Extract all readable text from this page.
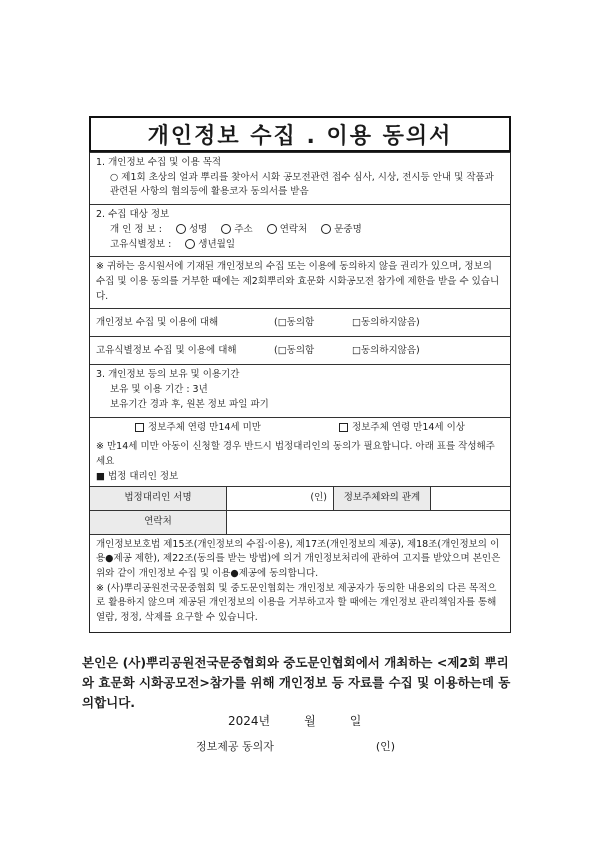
개인정보 수집 . 이용 동의서
1. 개인정보 수집 및 이용 목적
○ 제1회 초상의 얼과 뿌리를 찾아서 시화 공모전관련 접수 심사, 시상, 전시등 안내 및 작품과 관련된 사항의 협의등에 활용코자 동의서를 받음
2. 수집 대상 정보
개 인 정 보 :	성명	주소	연락처	문중명
고유식별정보 :	생년월일
※ 귀하는 응시원서에 기재된 개인정보의 수집 또는 이용에 동의하지 않을 권리가 있으며, 정보의 수집 및 이용 동의를 거부한 때에는 제2회뿌리와 효문화 시화공모전 참가에 제한을 받을 수 있습니다.
개인정보 수집 및 이용에 대해	(□동의함	□동의하지않음)
고유식별정보 수집 및 이용에 대해	(□동의함	□동의하지않음)
3. 개인정보 등의 보유 및 이용기간
보유 및 이용 기간 : 3년
보유기간 경과 후, 원본 정보 파일 파기
정보주체 연령 만14세 미만	정보주체 연령 만14세 이상
※ 만14세 미만 아동이 신청할 경우 반드시 법정대리인의 동의가 필요합니다. 아래 표를 작성해주세요
■ 법정 대리인 정보
법정대리인 서명	(인)	정보주체와의 관계
연락처
개인정보보호법 제15조(개인정보의 수집·이용), 제17조(개인정보의 제공), 제18조(개인정보의 이용●제공 제한), 제22조(동의를 받는 방법)에 의거 개인정보처리에 관하여 고지를 받았으며 본인은 위와 같이 개인정보 수집 및 이용●제공에 동의합니다.
※ (사)뿌리공원전국문중협회 및 중도문인협회는 개인정보 제공자가 동의한 내용외의 다른 목적으로 활용하지 않으며 제공된 개인정보의 이용을 거부하고자 할 때에는 개인정보 관리책임자를 통해 열람, 정정, 삭제를 요구할 수 있습니다.
본인은 (사)뿌리공원전국문중협회와 중도문인협회에서 개최하는 <제2회 뿌리와 효문화 시화공모전>참가를 위해 개인정보 등 자료를 수집 및 이용하는데 동의합니다.
2024년	월	일
정보제공 동의자	(인)
